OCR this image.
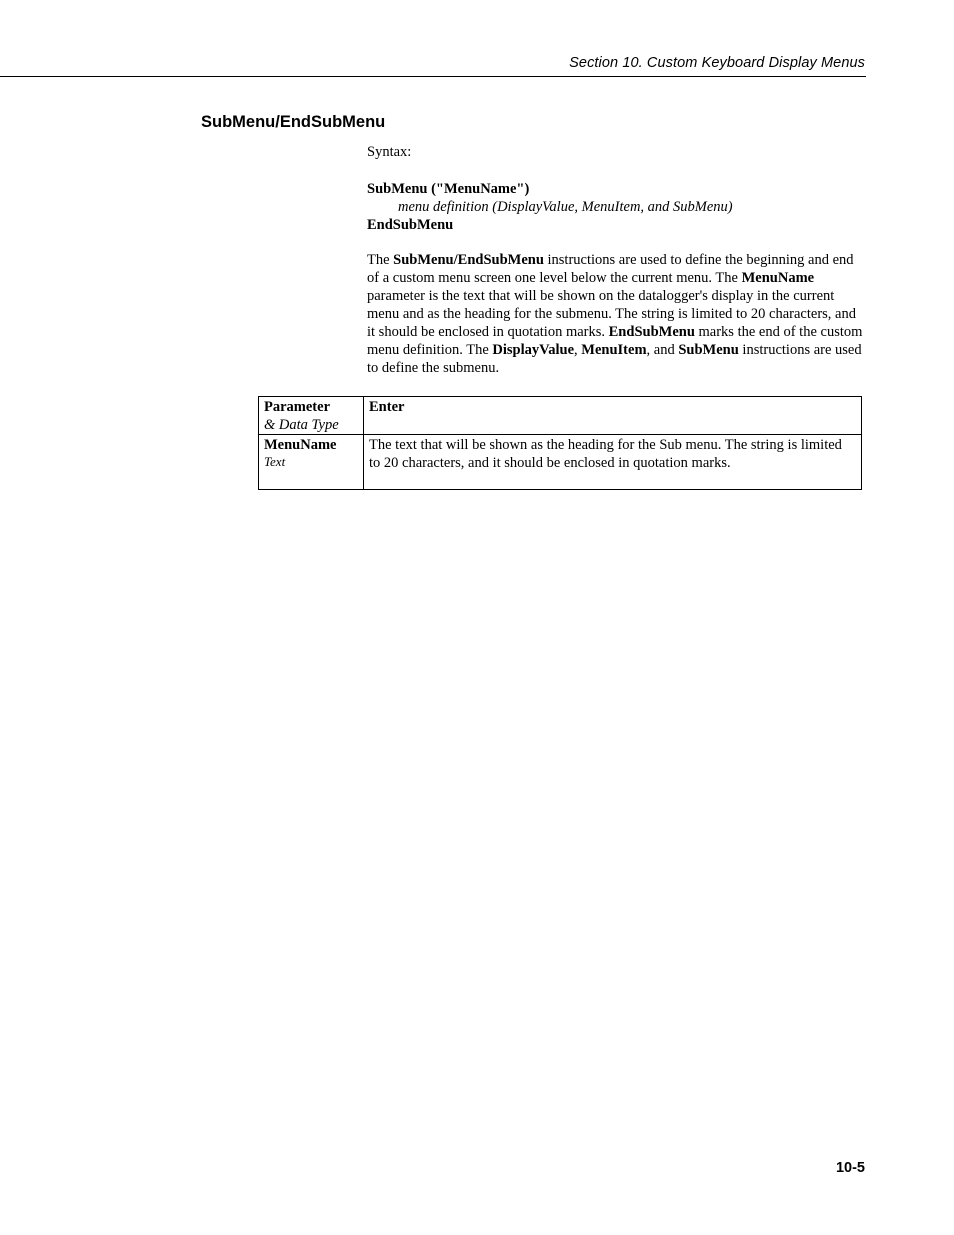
Section 10. Custom Keyboard Display Menus
SubMenu/EndSubMenu
Syntax:
SubMenu ("MenuName")
menu definition (DisplayValue, MenuItem, and SubMenu)
EndSubMenu

The SubMenu/EndSubMenu instructions are used to define the beginning and end of a custom menu screen one level below the current menu. The MenuName parameter is the text that will be shown on the datalogger's display in the current menu and as the heading for the submenu. The string is limited to 20 characters, and it should be enclosed in quotation marks. EndSubMenu marks the end of the custom menu definition. The DisplayValue, MenuItem, and SubMenu instructions are used to define the submenu.

Parameter
& Data Type	Enter

MenuName
Text	The text that will be shown as the heading for the Sub menu. The string is limited to 20 characters, and it should be enclosed in quotation marks.
10-5
